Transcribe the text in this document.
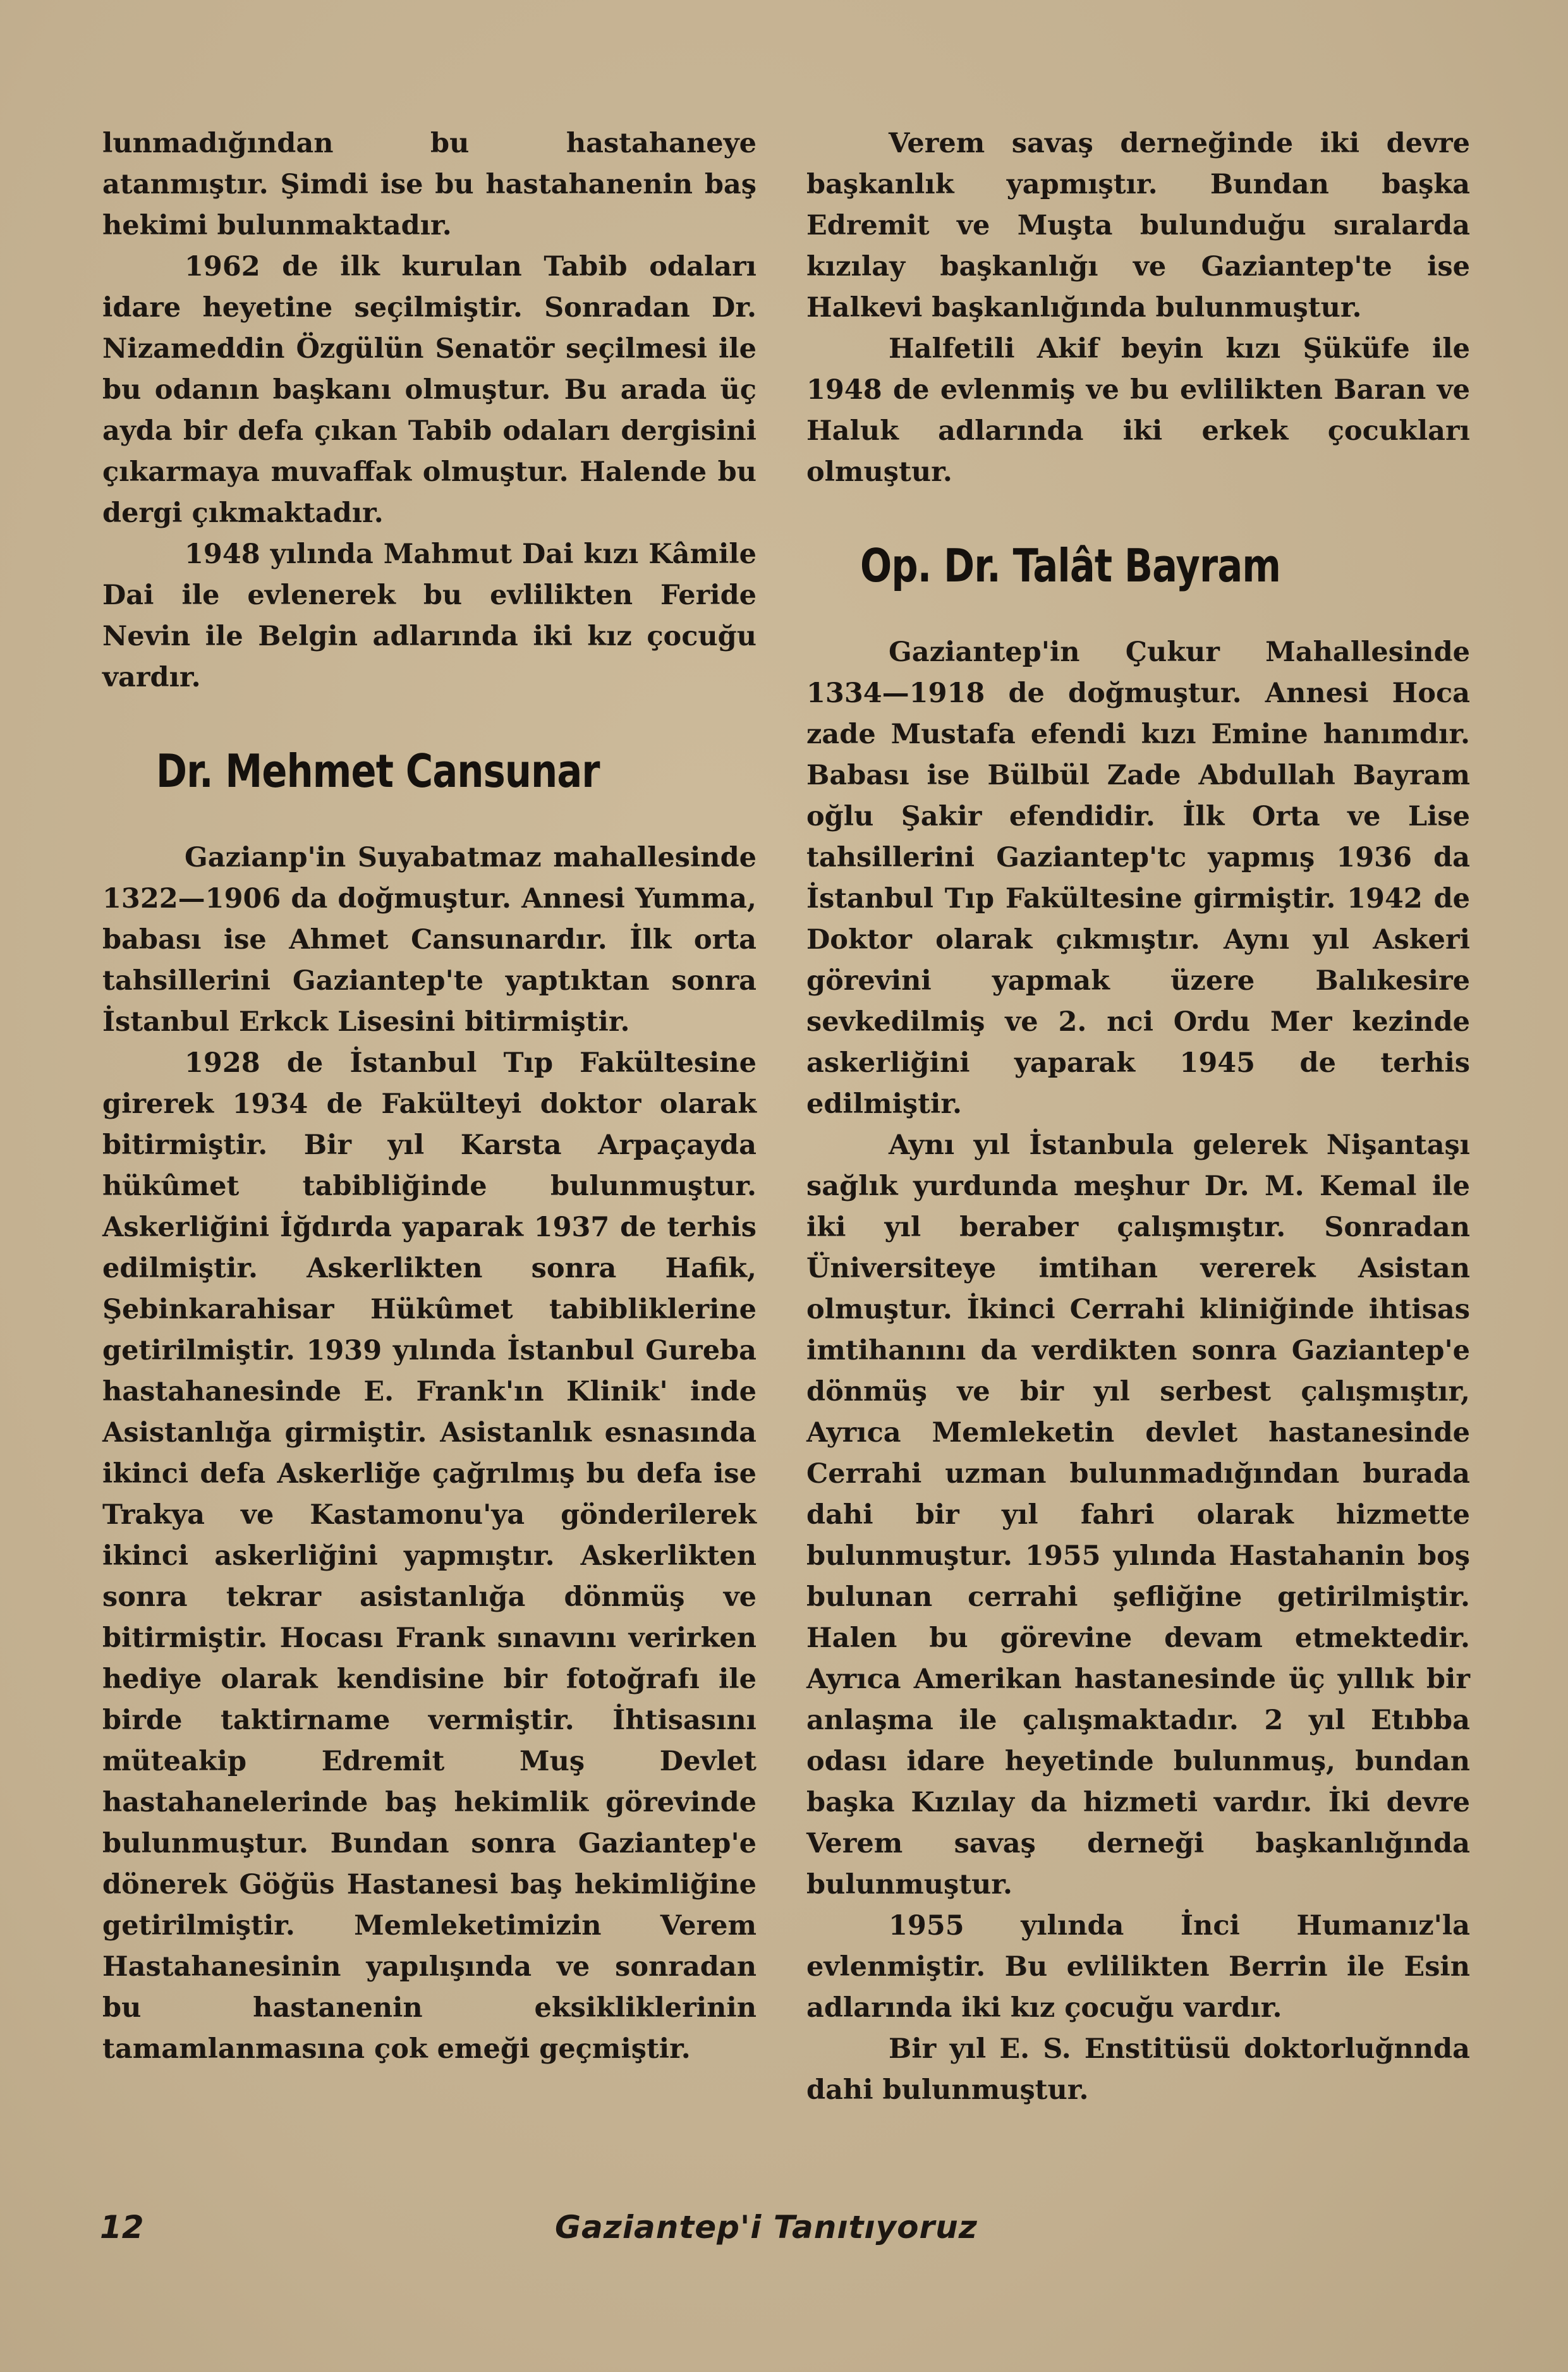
lunmadığından bu hastahaneye atanmıştır. Şimdi ise bu hastahanenin baş hekimi bulunmaktadır.

1962 de ilk kurulan Tabib odaları idare heyetine seçilmiştir. Sonradan Dr. Nizameddin Özgülün Senatör seçilmesi ile bu odanın başkanı olmuştur. Bu arada üç ayda bir defa çıkan Tabib odaları dergisini çıkarmaya muvaffak olmuştur. Halende bu dergi çıkmaktadır.

1948 yılında Mahmut Dai kızı Kâmile Dai ile evlenerek bu evlilikten Feride Nevin ile Belgin adlarında iki kız çocuğu vardır.

Dr. Mehmet Cansunar

Gazianp'in Suyabatmaz mahallesinde 1322—1906 da doğmuştur. Annesi Yumma, babası ise Ahmet Cansunardır. İlk orta tahsillerini Gaziantep'te yaptıktan sonra İstanbul Erkck Lisesini bitirmiştir.

1928 de İstanbul Tıp Fakültesine girerek 1934 de Fakülteyi doktor olarak bitirmiştir. Bir yıl Karsta Arpaçayda hükûmet tabibliğinde bulunmuştur. Askerliğini İğdırda yaparak 1937 de terhis edilmiştir. Askerlikten sonra Hafik, Şebinkarahisar Hükûmet tabibliklerine getirilmiştir. 1939 yılında İstanbul Gureba hastahanesinde E. Frank'ın Klinik' inde Asistanlığa girmiştir. Asistanlık esnasında ikinci defa Askerliğe çağrılmış bu defa ise Trakya ve Kastamonu'ya gönderilerek ikinci askerliğini yapmıştır. Askerlikten sonra tekrar asistanlığa dönmüş ve bitirmiştir. Hocası Frank sınavını verirken hediye olarak kendisine bir fotoğrafı ile birde taktirname vermiştir. İhtisasını müteakip Edremit Muş Devlet hastahanelerinde baş hekimlik görevinde bulunmuştur. Bundan sonra Gaziantep'e dönerek Göğüs Hastanesi baş hekimliğine getirilmiştir. Memleketimizin Verem Hastahanesinin yapılışında ve sonradan bu hastanenin eksikliklerinin tamamlanmasına çok emeği geçmiştir.

Verem savaş derneğinde iki devre başkanlık yapmıştır. Bundan başka Edremit ve Muşta bulunduğu sıralarda kızılay başkanlığı ve Gaziantep'te ise Halkevi başkanlığında bulunmuştur.

Halfetili Akif beyin kızı Şüküfe ile 1948 de evlenmiş ve bu evlilikten Baran ve Haluk adlarında iki erkek çocukları olmuştur.

Op. Dr. Talât Bayram

Gaziantep'in Çukur Mahallesinde 1334—1918 de doğmuştur. Annesi Hoca zade Mustafa efendi kızı Emine hanımdır. Babası ise Bülbül Zade Abdullah Bayram oğlu Şakir efendidir. İlk Orta ve Lise tahsillerini Gaziantep'tc yapmış 1936 da İstanbul Tıp Fakültesine girmiştir. 1942 de Doktor olarak çıkmıştır. Aynı yıl Askeri görevini yapmak üzere Balıkesire sevkedilmiş ve 2. nci Ordu Mer kezinde askerliğini yaparak 1945 de terhis edilmiştir.

Aynı yıl İstanbula gelerek Nişantaşı sağlık yurdunda meşhur Dr. M. Kemal ile iki yıl beraber çalışmıştır. Sonradan Üniversiteye imtihan vererek Asistan olmuştur. İkinci Cerrahi kliniğinde ihtisas imtihanını da verdikten sonra Gaziantep'e dönmüş ve bir yıl serbest çalışmıştır, Ayrıca Memleketin devlet hastanesinde Cerrahi uzman bulunmadığından burada dahi bir yıl fahri olarak hizmette bulunmuştur. 1955 yılında Hastahanin boş bulunan cerrahi şefliğine getirilmiştir. Halen bu görevine devam etmektedir. Ayrıca Amerikan hastanesinde üç yıllık bir anlaşma ile çalışmaktadır. 2 yıl Etıbba odası idare heyetinde bulunmuş, bundan başka Kızılay da hizmeti vardır. İki devre Verem savaş derneği başkanlığında bulunmuştur.

1955 yılında İnci Humanız'la evlenmiştir. Bu evlilikten Berrin ile Esin adlarında iki kız çocuğu vardır.

Bir yıl E. S. Enstitüsü doktorluğnnda dahi bulunmuştur.

12	Gaziantep'i Tanıtıyoruz
